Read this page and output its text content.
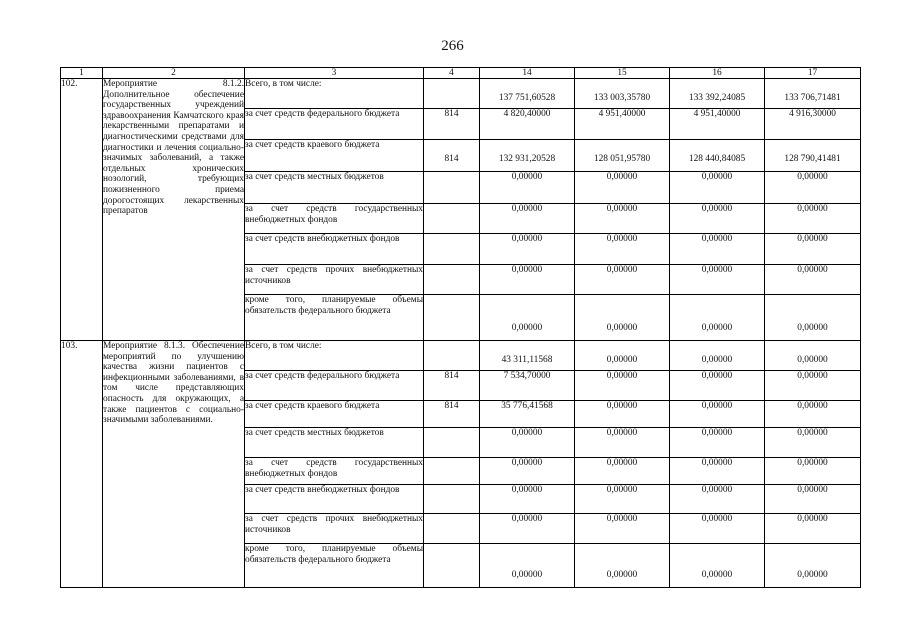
266
1	2	3	4	14	15	16	17
102.	Мероприятие 8.1.2. Дополнительное обеспечение государственных учреждений здравоохранения Камчатского края лекарственными препаратами и диагностическими средствами для диагностики и лечения социально-значимых заболеваний, а также отдельных хронических нозологий, требующих пожизненного приема дорогостоящих лекарственных препаратов	Всего, в том числе:		137 751,60528	133 003,35780	133 392,24085	133 706,71481
		за счет средств федерального бюджета	814	4 820,40000	4 951,40000	4 951,40000	4 916,30000
		за счет средств краевого бюджета	814	132 931,20528	128 051,95780	128 440,84085	128 790,41481
		за счет средств местных бюджетов		0,00000	0,00000	0,00000	0,00000
		за счет средств государственных внебюджетных фондов		0,00000	0,00000	0,00000	0,00000
		за счет средств внебюджетных фондов		0,00000	0,00000	0,00000	0,00000
		за счет средств прочих внебюджетных источников		0,00000	0,00000	0,00000	0,00000
		кроме того, планируемые объемы обязательств федерального бюджета		0,00000	0,00000	0,00000	0,00000
103.	Мероприятие 8.1.3. Обеспечение мероприятий по улучшению качества жизни пациентов с инфекционными заболеваниями, в том числе представляющих опасность для окружающих, а также пациентов с социально-значимыми заболеваниями.	Всего, в том числе:		43 311,11568	0,00000	0,00000	0,00000
		за счет средств федерального бюджета	814	7 534,70000	0,00000	0,00000	0,00000
		за счет средств краевого бюджета	814	35 776,41568	0,00000	0,00000	0,00000
		за счет средств местных бюджетов		0,00000	0,00000	0,00000	0,00000
		за счет средств государственных внебюджетных фондов		0,00000	0,00000	0,00000	0,00000
		за счет средств внебюджетных фондов		0,00000	0,00000	0,00000	0,00000
		за счет средств прочих внебюджетных источников		0,00000	0,00000	0,00000	0,00000
		кроме того, планируемые объемы обязательств федерального бюджета		0,00000	0,00000	0,00000	0,00000
